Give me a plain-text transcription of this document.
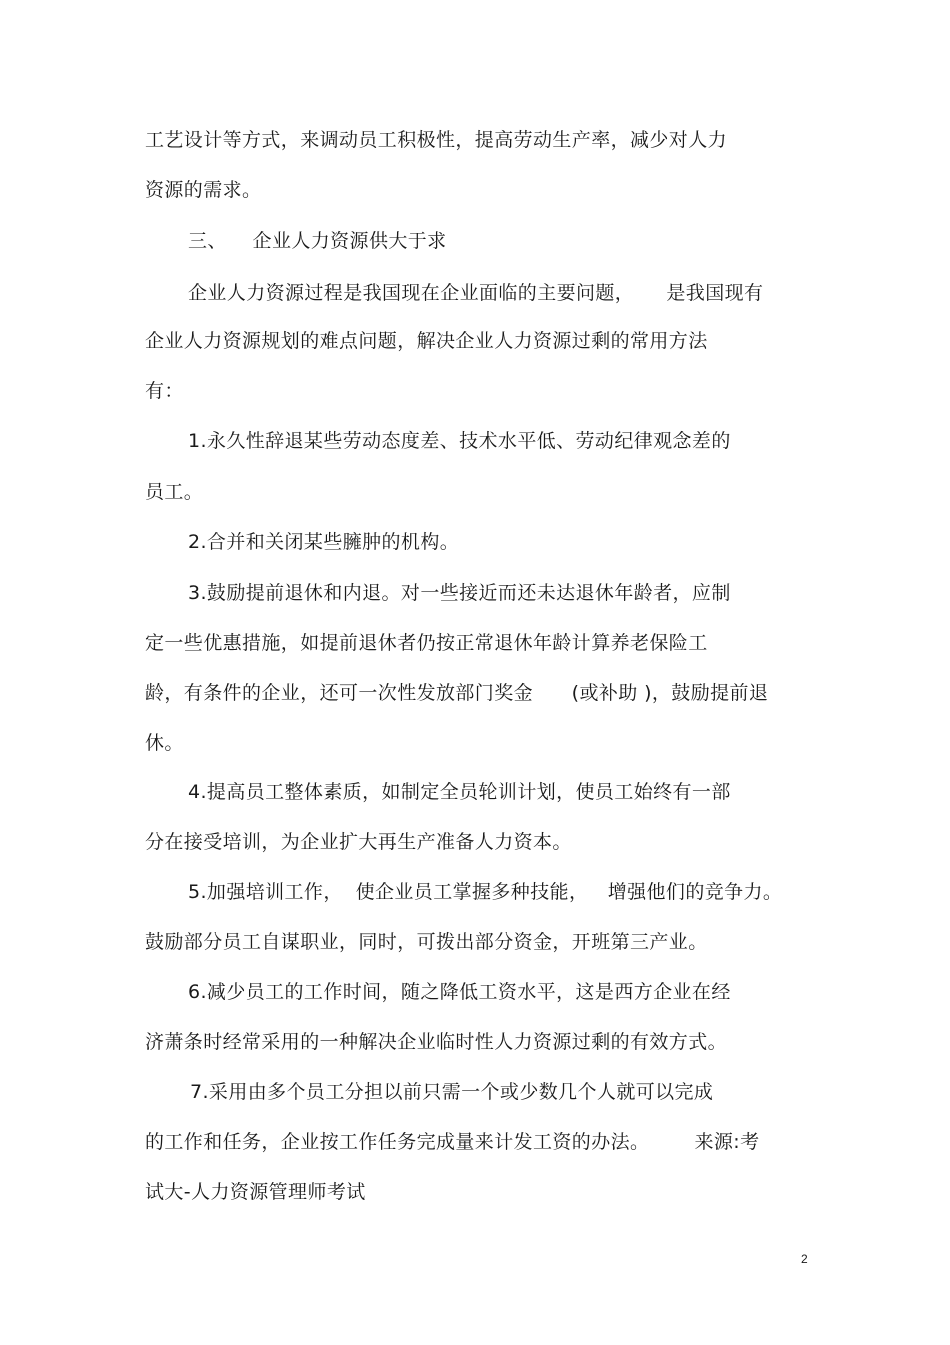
工艺设计等方式，来调动员工积极性，提高劳动生产率，减少对人力
资源的需求。
三、    企业人力资源供大于求
企业人力资源过程是我国现在企业面临的主要问题，     是我国现有
企业人力资源规划的难点问题，解决企业人力资源过剩的常用方法
有：
1.永久性辞退某些劳动态度差、技术水平低、劳动纪律观念差的
员工。
2.合并和关闭某些臃肿的机构。
3.鼓励提前退休和内退。对一些接近而还未达退休年龄者，应制
定一些优惠措施，如提前退休者仍按正常退休年龄计算养老保险工
龄，有条件的企业，还可一次性发放部门奖金      (或补助 )，鼓励提前退
休。
4.提高员工整体素质，如制定全员轮训计划，使员工始终有一部
分在接受培训，为企业扩大再生产准备人力资本。
5.加强培训工作，  使企业员工掌握多种技能，   增强他们的竞争力。
鼓励部分员工自谋职业，同时，可拨出部分资金，开班第三产业。
6.减少员工的工作时间，随之降低工资水平，这是西方企业在经
济萧条时经常采用的一种解决企业临时性人力资源过剩的有效方式。
7.采用由多个员工分担以前只需一个或少数几个人就可以完成
的工作和任务，企业按工作任务完成量来计发工资的办法。       来源:考
试大-人力资源管理师考试
2
